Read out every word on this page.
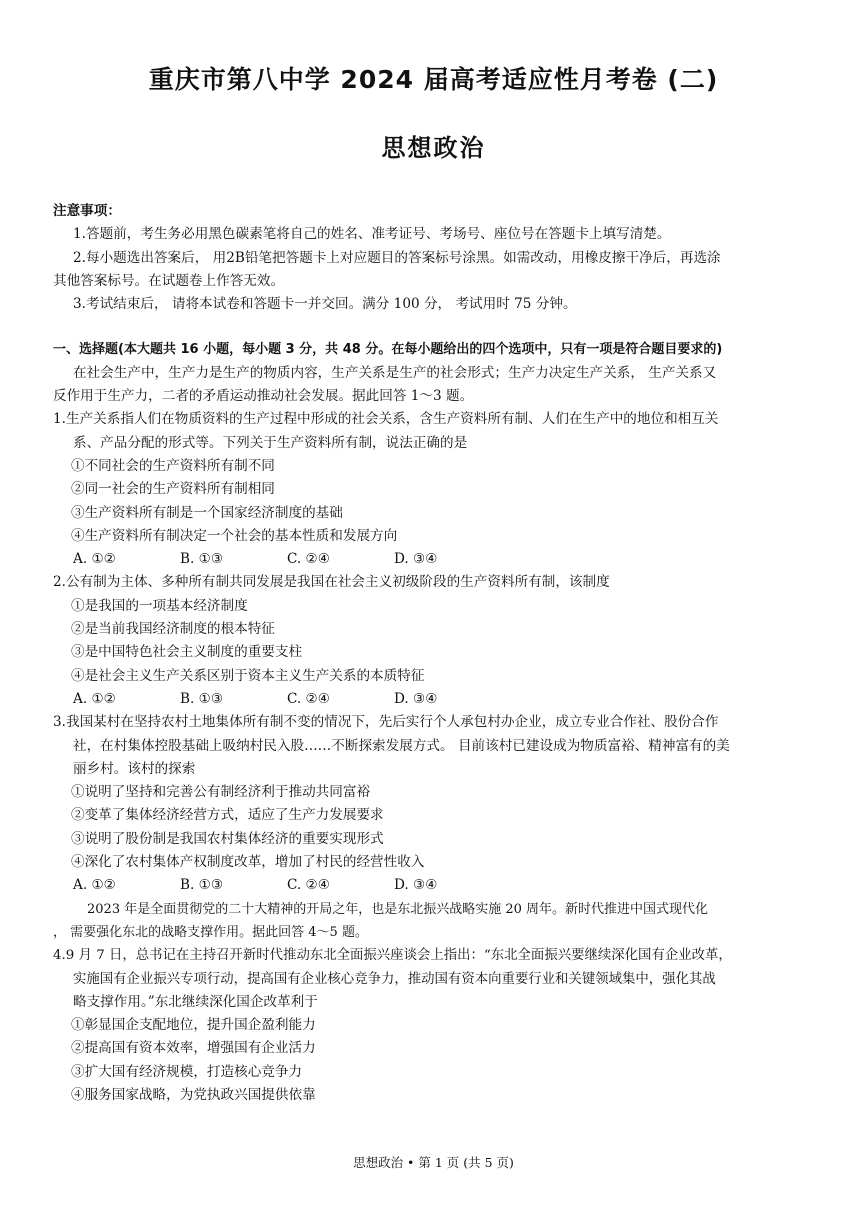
重庆市第八中学 2024 届高考适应性月考卷 (二)
思想政治
注意事项：
1.答题前，考生务必用黑色碳素笔将自己的姓名、准考证号、考场号、座位号在答题卡上填写清楚。
2.每小题选出答案后， 用2B铅笔把答题卡上对应题目的答案标号涂黑。如需改动，用橡皮擦干净后，再选涂
其他答案标号。在试题卷上作答无效。
3.考试结束后， 请将本试卷和答题卡一并交回。满分 100 分， 考试用时 75 分钟。
一、选择题(本大题共 16 小题，每小题 3 分，共 48 分。在每小题给出的四个选项中，只有一项是符合题目要求的)
在社会生产中，生产力是生产的物质内容，生产关系是生产的社会形式；生产力决定生产关系， 生产关系又
反作用于生产力，二者的矛盾运动推动社会发展。据此回答 1～3 题。
1.生产关系指人们在物质资料的生产过程中形成的社会关系，含生产资料所有制、人们在生产中的地位和相互关
系、产品分配的形式等。下列关于生产资料所有制，说法正确的是
①不同社会的生产资料所有制不同
②同一社会的生产资料所有制相同
③生产资料所有制是一个国家经济制度的基础
④生产资料所有制决定一个社会的基本性质和发展方向
A. ①②	B. ①③	C. ②④	D. ③④
2.公有制为主体、多种所有制共同发展是我国在社会主义初级阶段的生产资料所有制，该制度
①是我国的一项基本经济制度
②是当前我国经济制度的根本特征
③是中国特色社会主义制度的重要支柱
④是社会主义生产关系区别于资本主义生产关系的本质特征
A. ①②	B. ①③	C. ②④	D. ③④
3.我国某村在坚持农村土地集体所有制不变的情况下，先后实行个人承包村办企业，成立专业合作社、股份合作
社，在村集体控股基础上吸纳村民入股……不断探索发展方式。 目前该村已建设成为物质富裕、精神富有的美
丽乡村。该村的探索
①说明了坚持和完善公有制经济利于推动共同富裕
②变革了集体经济经营方式，适应了生产力发展要求
③说明了股份制是我国农村集体经济的重要实现形式
④深化了农村集体产权制度改革，增加了村民的经营性收入
A. ①②	B. ①③	C. ②④	D. ③④
2023 年是全面贯彻党的二十大精神的开局之年，也是东北振兴战略实施 20 周年。新时代推进中国式现代化
， 需要强化东北的战略支撑作用。据此回答 4～5 题。
4.9 月 7 日，总书记在主持召开新时代推动东北全面振兴座谈会上指出：“东北全面振兴要继续深化国有企业改革，
实施国有企业振兴专项行动，提高国有企业核心竞争力，推动国有资本向重要行业和关键领域集中，强化其战
略支撑作用。”东北继续深化国企改革利于
①彰显国企支配地位，提升国企盈利能力
②提高国有资本效率，增强国有企业活力
③扩大国有经济规模，打造核心竞争力
④服务国家战略，为党执政兴国提供依靠
思想政治 • 第 1 页 (共 5 页)
